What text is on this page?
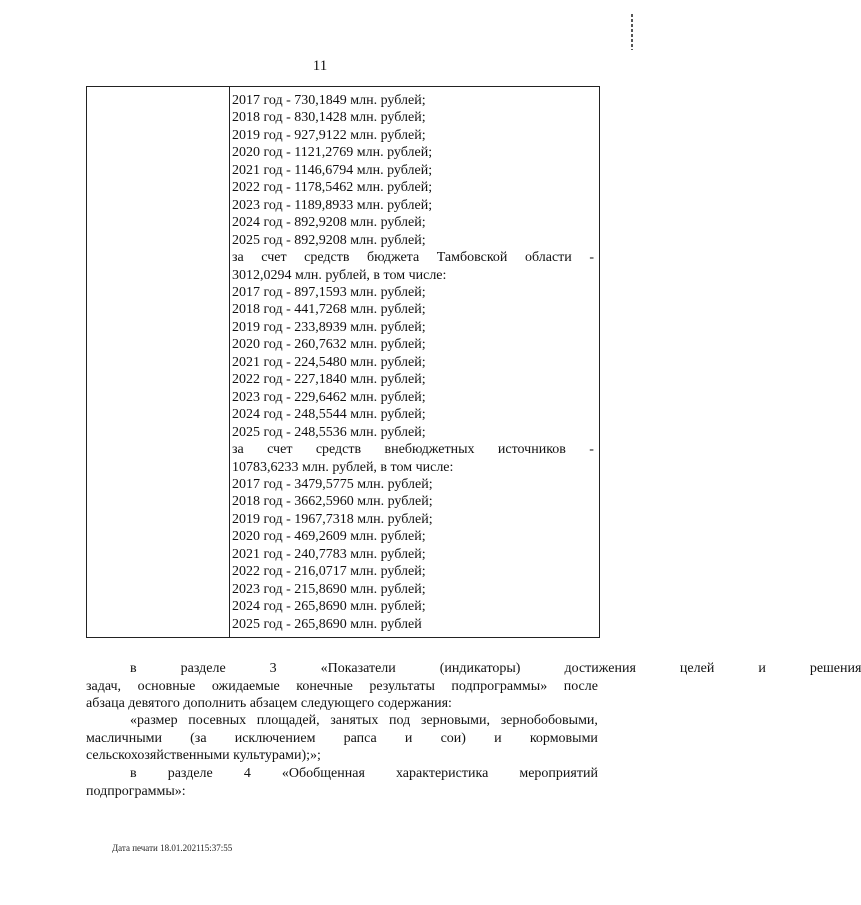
11
2017 год - 730,1849 млн. рублей;
2018 год - 830,1428 млн. рублей;
2019 год - 927,9122 млн. рублей;
2020 год - 1121,2769 млн. рублей;
2021 год - 1146,6794 млн. рублей;
2022 год - 1178,5462 млн. рублей;
2023 год - 1189,8933 млн. рублей;
2024 год - 892,9208 млн. рублей;
2025 год - 892,9208 млн. рублей;
за счет средств бюджета Тамбовской области -
3012,0294 млн. рублей, в том числе:
2017 год - 897,1593 млн. рублей;
2018 год - 441,7268 млн. рублей;
2019 год - 233,8939 млн. рублей;
2020 год - 260,7632 млн. рублей;
2021 год - 224,5480 млн. рублей;
2022 год - 227,1840 млн. рублей;
2023 год - 229,6462 млн. рублей;
2024 год - 248,5544 млн. рублей;
2025 год - 248,5536 млн. рублей;
за счет средств внебюджетных источников -
10783,6233 млн. рублей, в том числе:
2017 год - 3479,5775 млн. рублей;
2018 год - 3662,5960 млн. рублей;
2019 год - 1967,7318 млн. рублей;
2020 год - 469,2609 млн. рублей;
2021 год - 240,7783 млн. рублей;
2022 год - 216,0717 млн. рублей;
2023 год - 215,8690 млн. рублей;
2024 год - 265,8690 млн. рублей;
2025 год - 265,8690 млн. рублей
в	разделе	3	«Показатели	(индикаторы)	достижения	целей	и	решения
задач, основные ожидаемые конечные результаты подпрограммы» после
абзаца девятого дополнить абзацем следующего содержания:
«размер посевных площадей, занятых под зерновыми, зернобобовыми,
масличными (за исключением рапса и сои) и кормовыми
сельскохозяйственными культурами);»;
в разделе 4 «Обобщенная характеристика мероприятий
подпрограммы»:
Дата печати 18.01.202115:37:55
